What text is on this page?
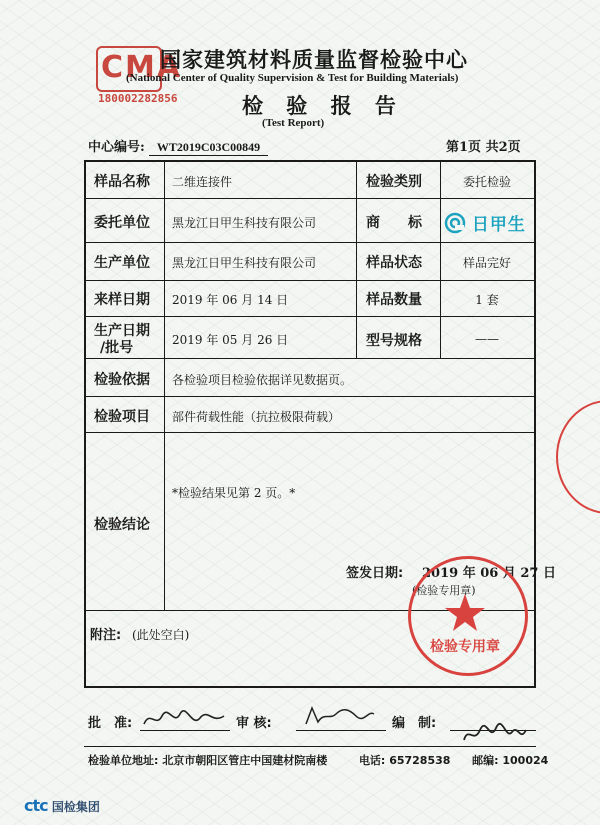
CMA
180002282856
国家建筑材料质量监督检验中心
(National Center of Quality Supervision & Test for Building Materials)
检 验 报 告
(Test Report)
中心编号: WT2019C03C00849	第1页 共2页
样品名称 二维连接件	检验类别	委托检验
委托单位 黑龙江日甲生科技有限公司	商　　标
生产单位 黑龙江日甲生科技有限公司	样品状态	样品完好
来样日期 2019 年 06 月 14 日	样品数量	1 套
生产日期
/批号	2019 年 05 月 26 日	型号规格	——
检验依据 各检验项目检验依据详见数据页。
检验项目 部件荷载性能（抗拉极限荷载）
检验结论
*检验结果见第 2 页。*
签发日期: 2019 年 06 月 27 日
(检验专用章)
附注: (此处空白)
日甲生
检验专用章
批　准:	审 核:	编　制:
检验单位地址: 北京市朝阳区管庄中国建材院南楼	电话: 65728538 邮编: 100024
ctc 国检集团
